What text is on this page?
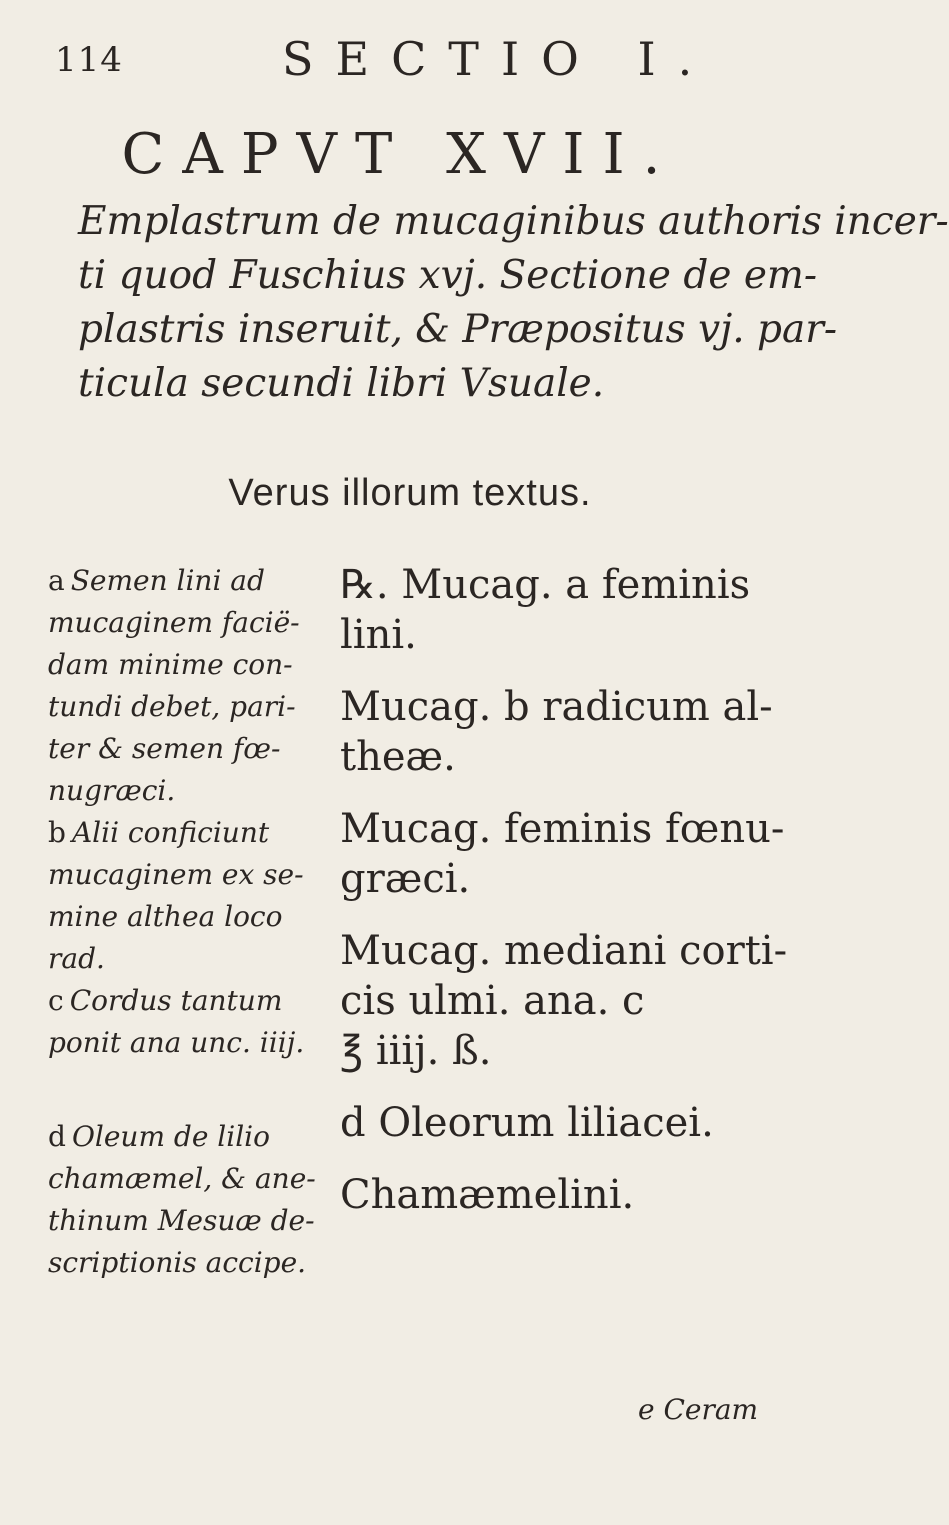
114	SECTIO I.
CAPVT XVII.

Emplastrum de mucaginibus authoris incer-

ti quod Fuschius xvj. Sectione de em-

plastris inseruit, & Præpositus vj. par-

ticula secundi libri Vsuale.

Verus illorum textus.
a Semen lini ad
mucaginem facië-
dam minime con-
tundi debet, pari-
ter & semen fœ-
nugræci.
b Alii conficiunt
mucaginem ex se-
mine althea loco
rad.
c Cordus tantum
ponit ana unc. iiij.
d Oleum de lilio
chamæmel, & ane-
thinum Mesuæ de-
scriptionis accipe.
℞. Mucag. a feminis
lini.
Mucag. b radicum al-
theæ.
Mucag. feminis fœnu-
græci.
Mucag. mediani corti-
cis ulmi. ana. c
℥ iiij. ß.
d Oleorum liliacei.
Chamæmelini.
e Ceram
